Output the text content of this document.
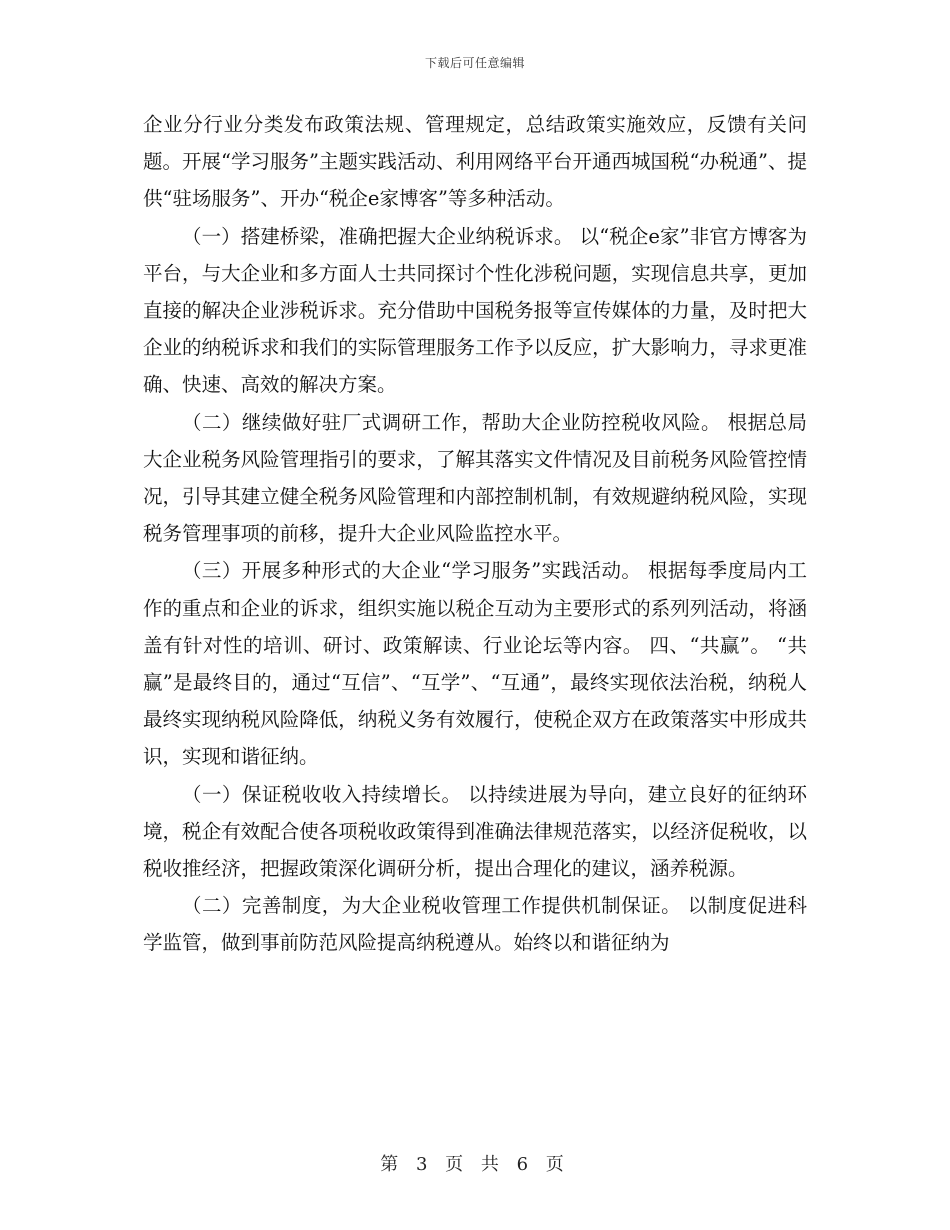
下载后可任意编辑

企业分行业分类发布政策法规、管理规定，总结政策实施效应，反馈有关问题。开展“学习服务”主题实践活动、利用网络平台开通西城国税“办税通”、提供“驻场服务”、开办“税企e家博客”等多种活动。

（一）搭建桥梁，准确把握大企业纳税诉求。 以“税企e家”非官方博客为平台，与大企业和多方面人士共同探讨个性化涉税问题，实现信息共享，更加直接的解决企业涉税诉求。充分借助中国税务报等宣传媒体的力量，及时把大企业的纳税诉求和我们的实际管理服务工作予以反应，扩大影响力，寻求更准确、快速、高效的解决方案。

（二）继续做好驻厂式调研工作，帮助大企业防控税收风险。 根据总局大企业税务风险管理指引的要求，了解其落实文件情况及目前税务风险管控情况，引导其建立健全税务风险管理和内部控制机制，有效规避纳税风险，实现税务管理事项的前移，提升大企业风险监控水平。

（三）开展多种形式的大企业“学习服务”实践活动。 根据每季度局内工作的重点和企业的诉求，组织实施以税企互动为主要形式的系列列活动，将涵盖有针对性的培训、研讨、政策解读、行业论坛等内容。 四、“共赢”。 “共赢”是最终目的，通过“互信”、“互学”、“互通”，最终实现依法治税，纳税人最终实现纳税风险降低，纳税义务有效履行，使税企双方在政策落实中形成共识，实现和谐征纳。

（一）保证税收收入持续增长。 以持续进展为导向，建立良好的征纳环境，税企有效配合使各项税收政策得到准确法律规范落实，以经济促税收，以税收推经济，把握政策深化调研分析，提出合理化的建议，涵养税源。

（二）完善制度，为大企业税收管理工作提供机制保证。 以制度促进科学监管，做到事前防范风险提高纳税遵从。始终以和谐征纳为

第 3 页 共 6 页
